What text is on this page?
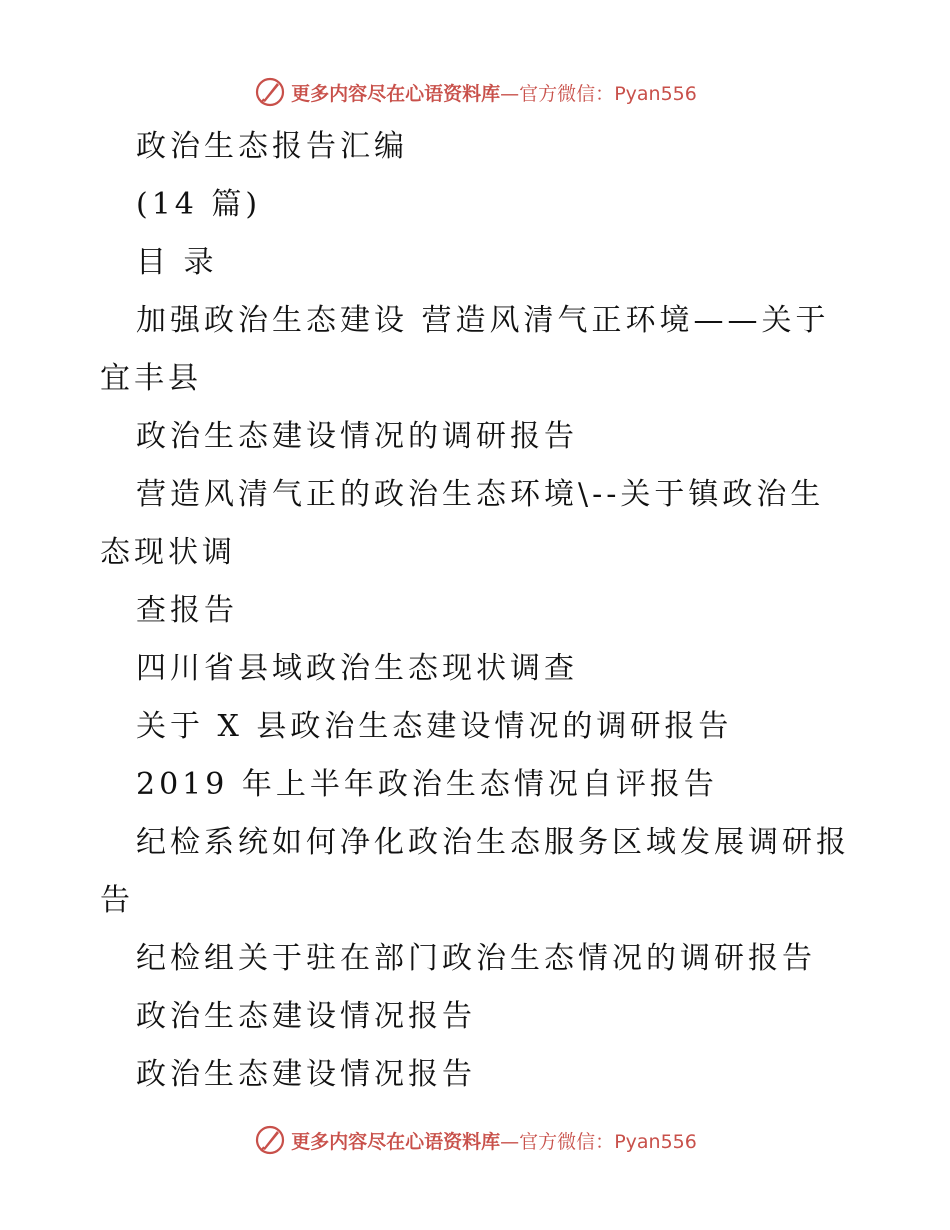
更多内容尽在心语资料库—官方微信：Pyan556
政治生态报告汇编
(14 篇)
目 录
加强政治生态建设 营造风清气正环境——关于
宜丰县
政治生态建设情况的调研报告
营造风清气正的政治生态环境\--关于镇政治生
态现状调
查报告
四川省县域政治生态现状调查
关于 X 县政治生态建设情况的调研报告
2019 年上半年政治生态情况自评报告
纪检系统如何净化政治生态服务区域发展调研报
告
纪检组关于驻在部门政治生态情况的调研报告
政治生态建设情况报告
政治生态建设情况报告
更多内容尽在心语资料库—官方微信：Pyan556
